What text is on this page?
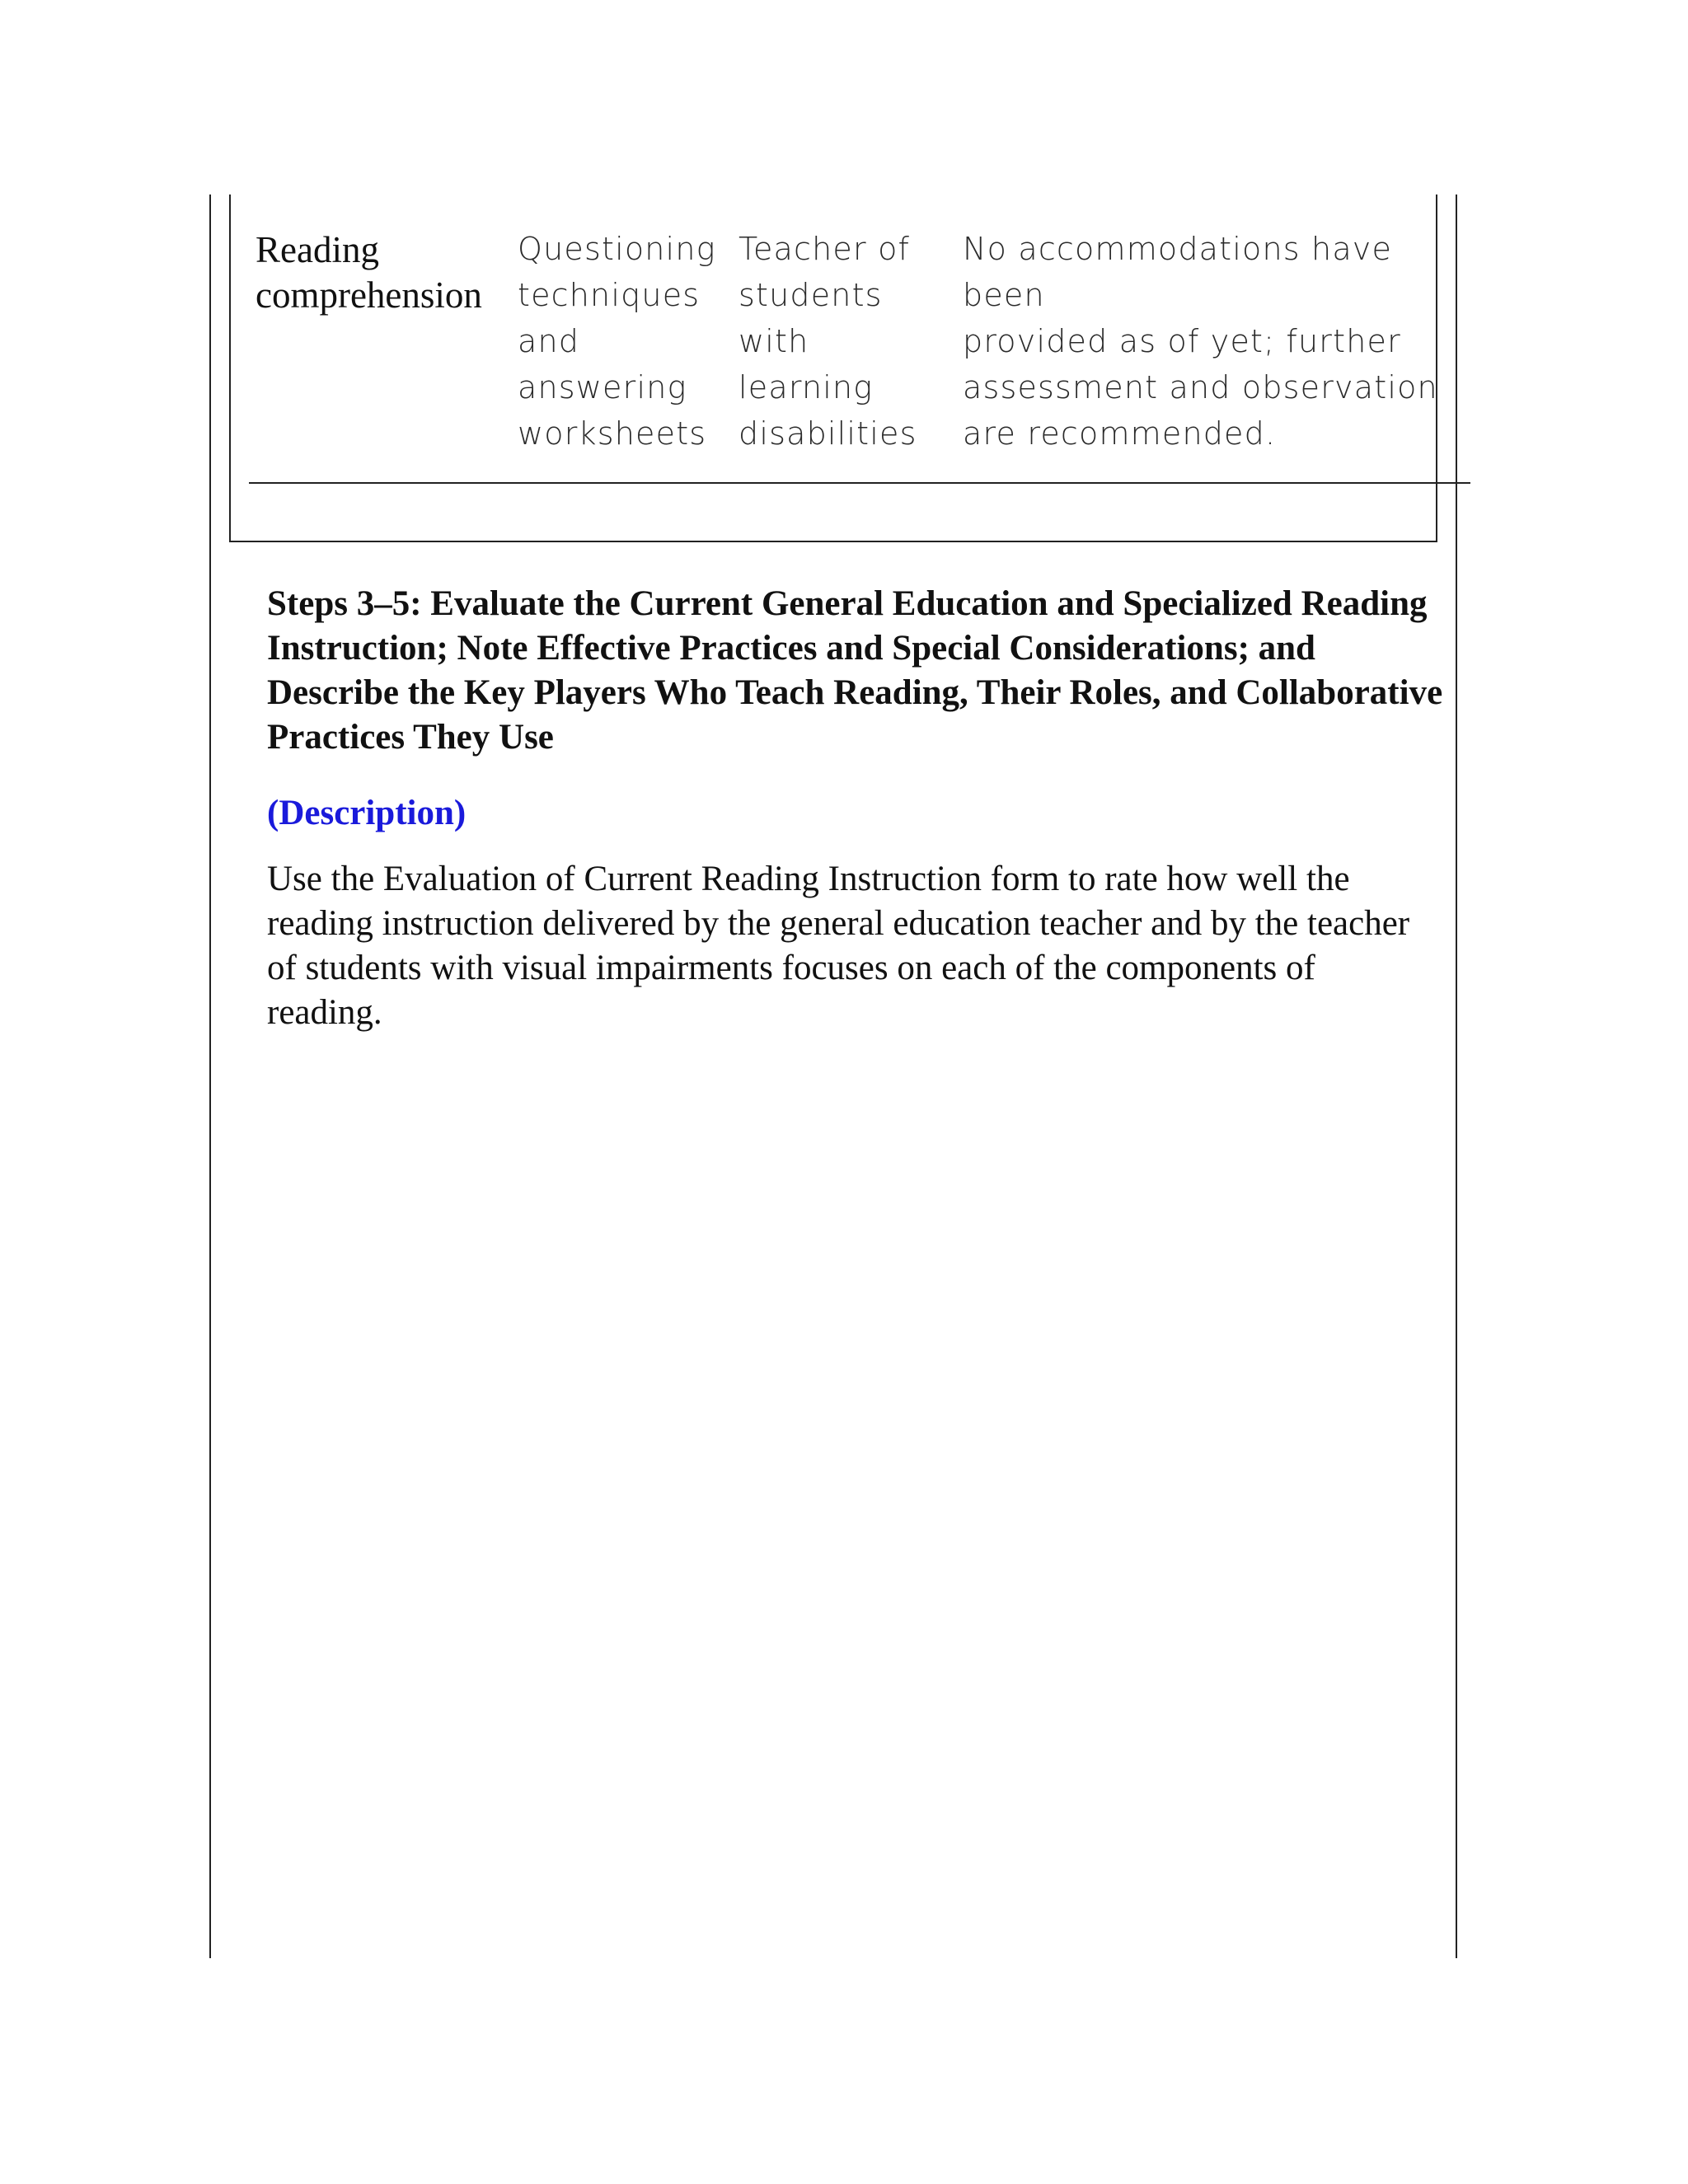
Reading comprehension
Questioning
techniques
and
answering
worksheets
Teacher of
students
with
learning
disabilities
No accommodations have been
provided as of yet; further
assessment and observation
are recommended.
Steps 3–5: Evaluate the Current General Education and Specialized Reading Instruction; Note Effective Practices and Special Considerations; and Describe the Key Players Who Teach Reading, Their Roles, and Collaborative Practices They Use
(Description)
Use the Evaluation of Current Reading Instruction form to rate how well the reading instruction delivered by the general education teacher and by the teacher of students with visual impairments focuses on each of the components of reading.
